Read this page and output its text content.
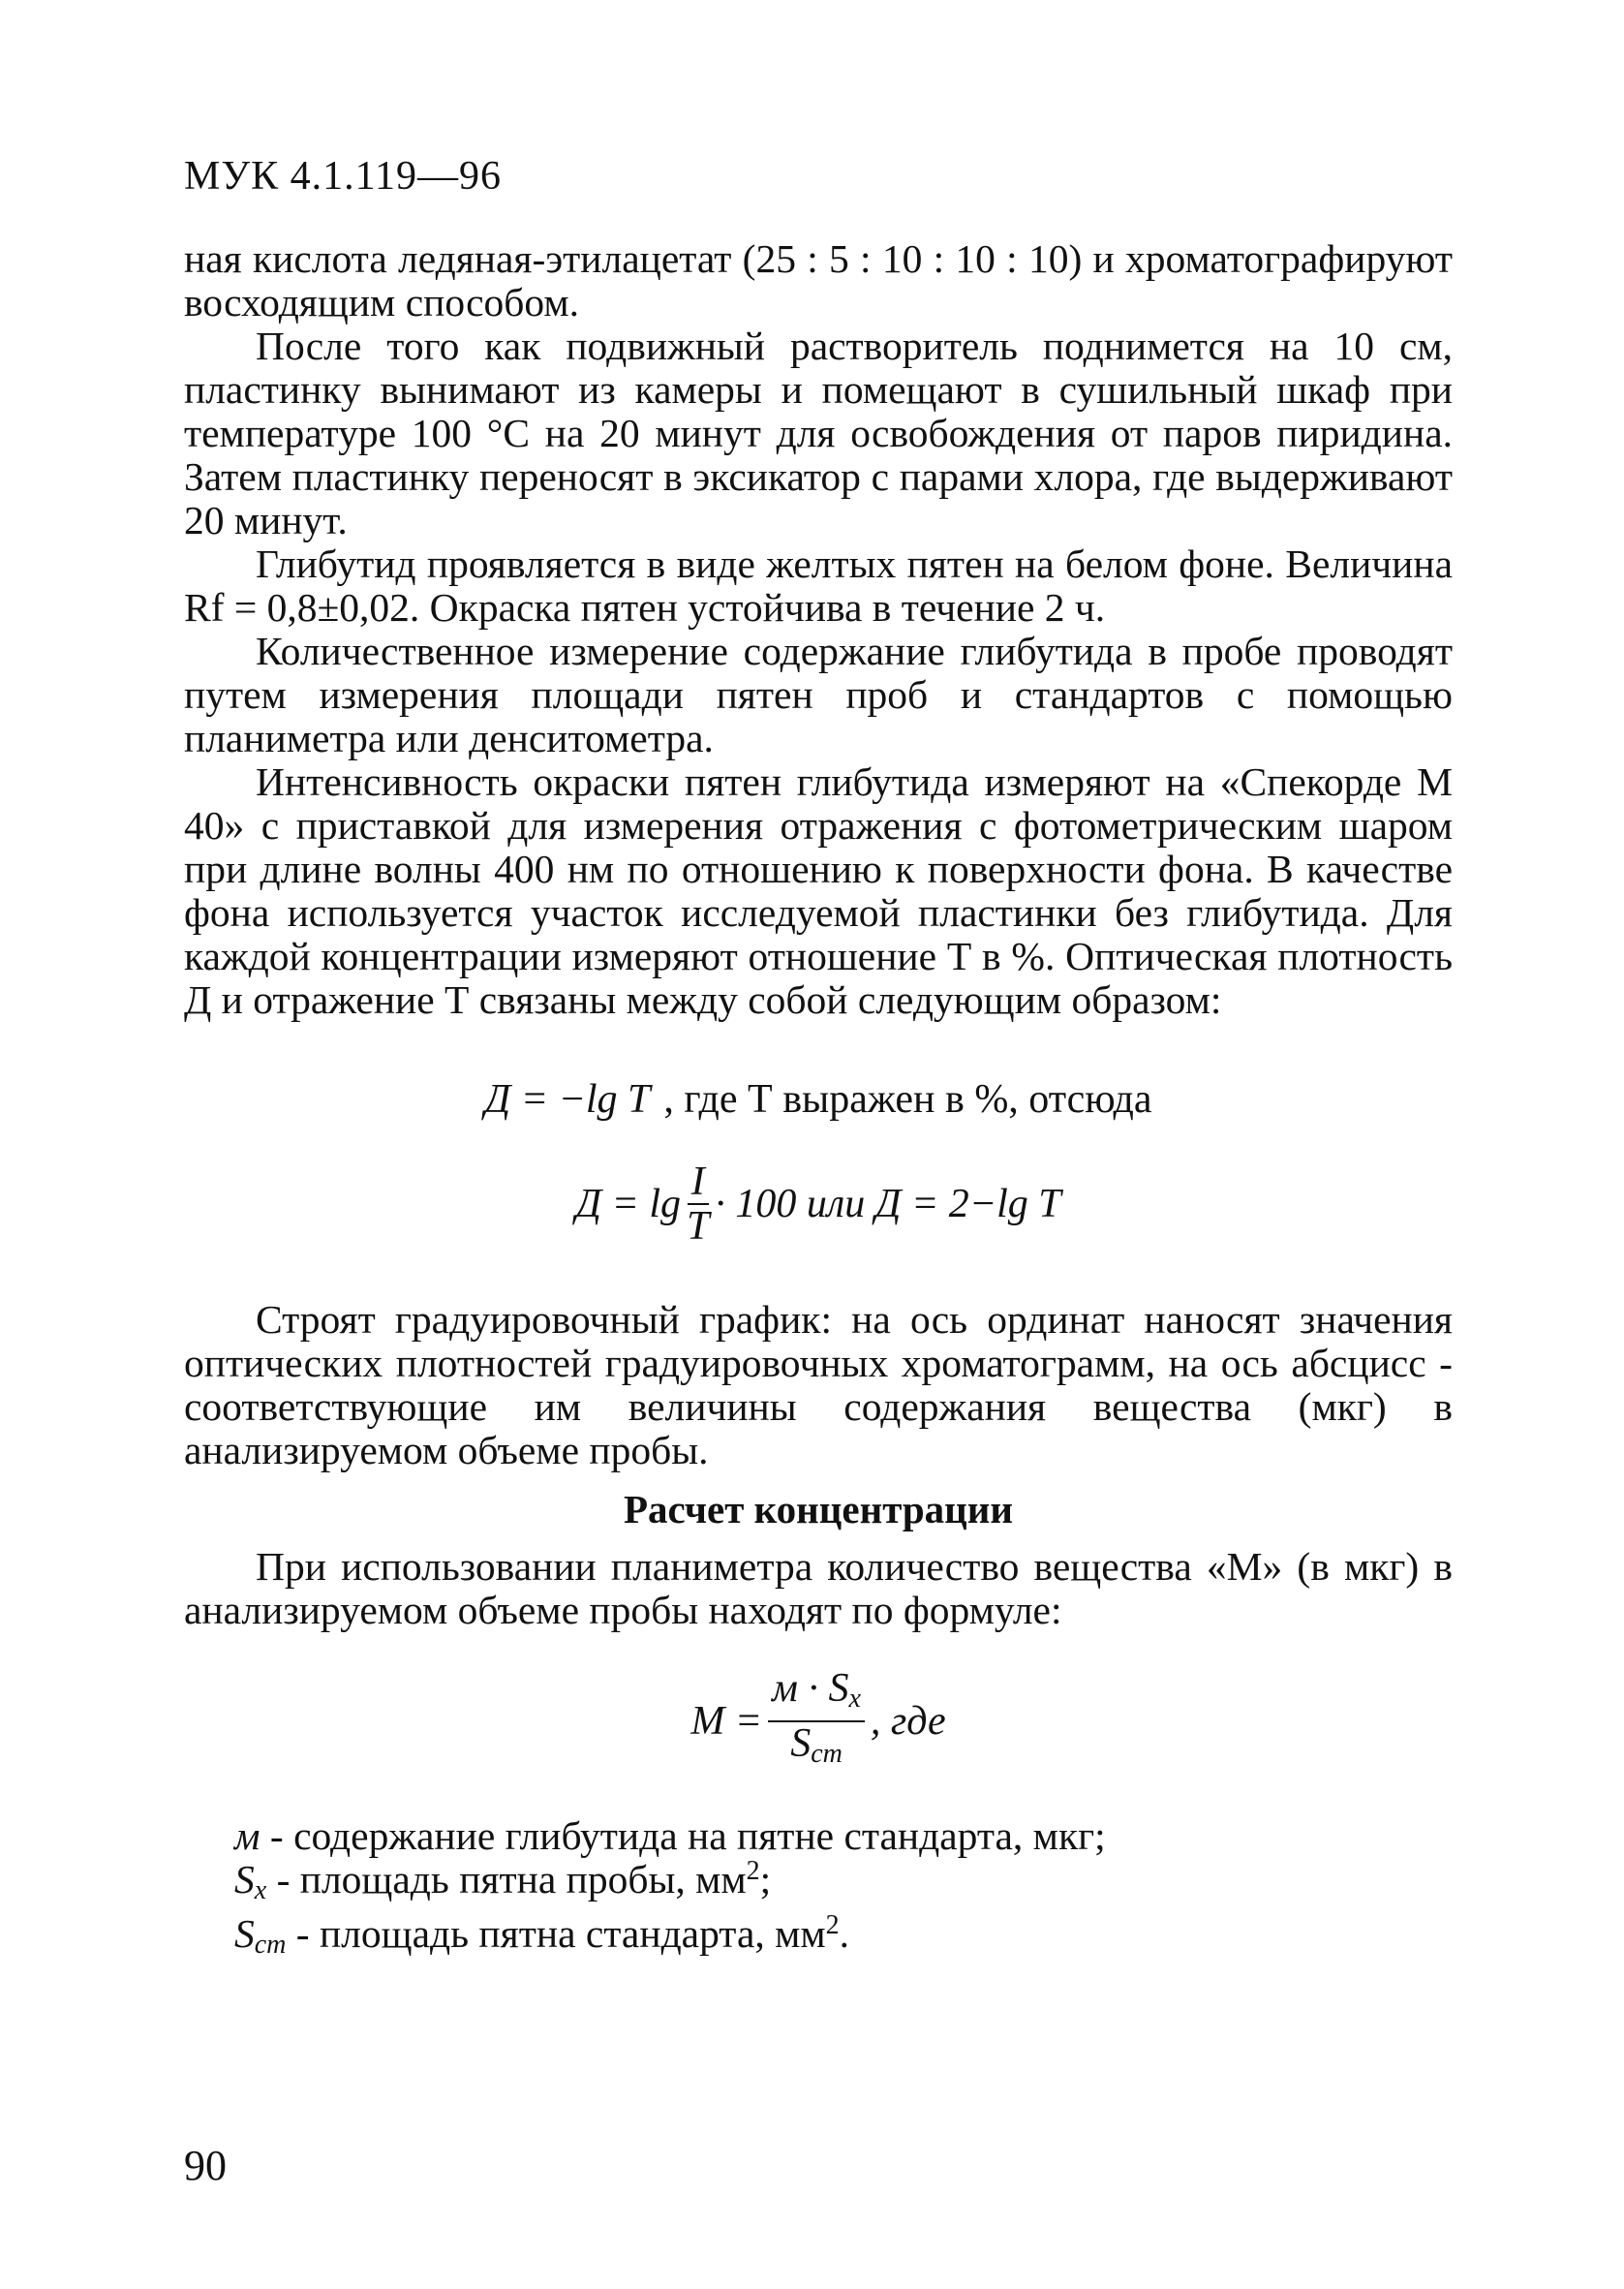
МУК 4.1.119—96

ная кислота ледяная-этилацетат (25 : 5 : 10 : 10 : 10) и хроматографируют восходящим способом.

После того как подвижный растворитель поднимется на 10 см, пластинку вынимают из камеры и помещают в сушильный шкаф при температуре 100 °С на 20 минут для освобождения от паров пиридина. Затем пластинку переносят в эксикатор с парами хлора, где выдерживают 20 минут.

Глибутид проявляется в виде желтых пятен на белом фоне. Величина Rf = 0,8±0,02. Окраска пятен устойчива в течение 2 ч.

Количественное измерение содержание глибутида в пробе проводят путем измерения площади пятен проб и стандартов с помощью планиметра или денситометра.

Интенсивность окраски пятен глибутида измеряют на «Спекорде М 40» с приставкой для измерения отражения с фотометрическим шаром при длине волны 400 нм по отношению к поверхности фона. В качестве фона используется участок исследуемой пластинки без глибутида. Для каждой концентрации измеряют отношение Т в %. Оптическая плотность Д и отражение Т связаны между собой следующим образом:

Д = −lg T , где Т выражен в %, отсюда
$Д = \lg \frac{I}{T} \cdot 100$ или Д = 2−lg T

Строят градуировочный график: на ось ординат наносят значения оптических плотностей градуировочных хроматограмм, на ось абсцисс - соответствующие им величины содержания вещества (мкг) в анализируемом объеме пробы.

Расчет концентрации

При использовании планиметра количество вещества «М» (в мкг) в анализируемом объеме пробы находят по формуле:

$M = \frac{м \cdot S_x}{S_{cm}}$ , где

м - содержание глибутида на пятне стандарта, мкг;

$S_x$ - площадь пятна пробы, $мм^2$;

$S_{cm}$ - площадь пятна стандарта, $мм^2$.

90
